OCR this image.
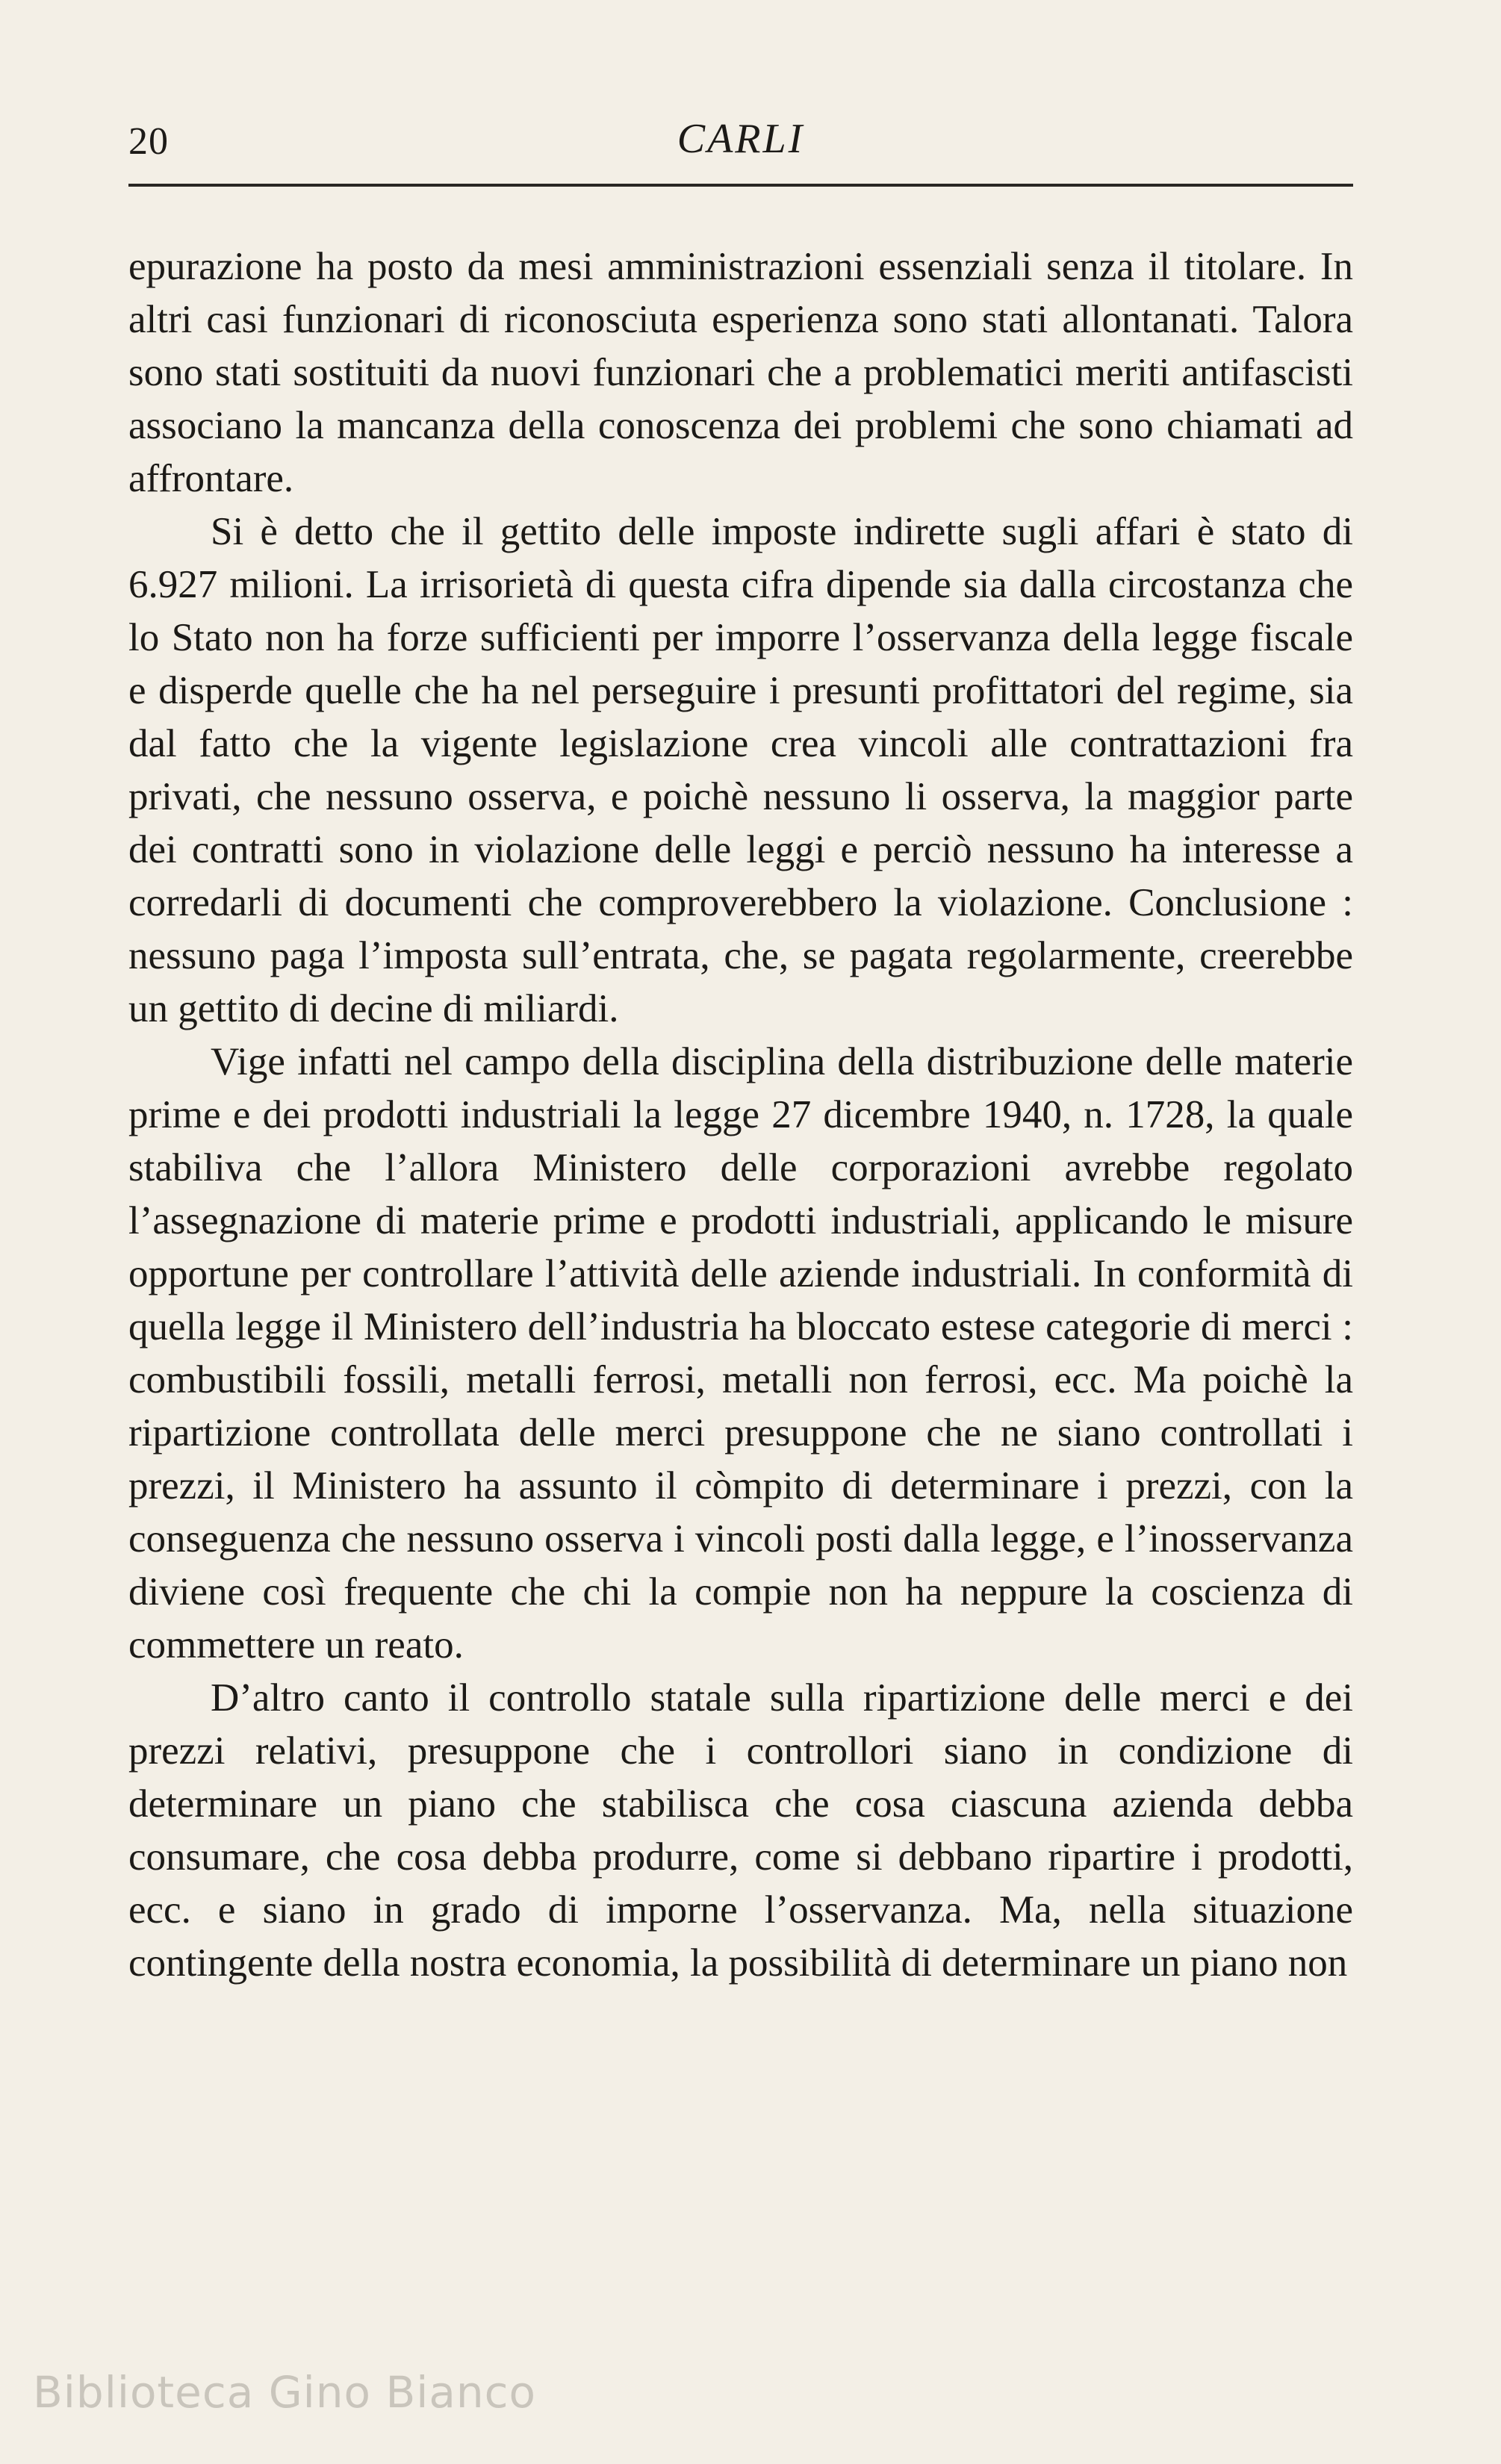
20	CARLI

epurazione ha posto da mesi amministrazioni essenziali senza il titolare. In altri casi funzionari di riconosciuta esperienza sono stati allontanati. Talora sono stati sostituiti da nuovi funzionari che a problematici meriti antifascisti associano la mancanza della conoscenza dei problemi che sono chiamati ad affrontare.

Si è detto che il gettito delle imposte indirette sugli affari è stato di 6.927 milioni. La irrisorietà di questa cifra dipende sia dalla circostanza che lo Stato non ha forze sufficienti per imporre l’osservanza della legge fiscale e disperde quelle che ha nel perseguire i presunti profittatori del regime, sia dal fatto che la vigente legislazione crea vincoli alle contrattazioni fra privati, che nessuno osserva, e poichè nessuno li osserva, la maggior parte dei contratti sono in violazione delle leggi e perciò nessuno ha interesse a corredarli di documenti che comproverebbero la violazione. Conclusione : nessuno paga l’imposta sull’entrata, che, se pagata regolarmente, creerebbe un gettito di decine di miliardi.

Vige infatti nel campo della disciplina della distribuzione delle materie prime e dei prodotti industriali la legge 27 dicembre 1940, n. 1728, la quale stabiliva che l’allora Ministero delle corporazioni avrebbe regolato l’assegnazione di materie prime e prodotti industriali, applicando le misure opportune per controllare l’attività delle aziende industriali. In conformità di quella legge il Ministero dell’industria ha bloccato estese categorie di merci : combustibili fossili, metalli ferrosi, metalli non ferrosi, ecc. Ma poichè la ripartizione controllata delle merci presuppone che ne siano controllati i prezzi, il Ministero ha assunto il còmpito di determinare i prezzi, con la conseguenza che nessuno osserva i vincoli posti dalla legge, e l’inosservanza diviene così frequente che chi la compie non ha neppure la coscienza di commettere un reato.

D’altro canto il controllo statale sulla ripartizione delle merci e dei prezzi relativi, presuppone che i controllori siano in condizione di determinare un piano che stabilisca che cosa ciascuna azienda debba consumare, che cosa debba produrre, come si debbano ripartire i prodotti, ecc. e siano in grado di imporne l’osservanza. Ma, nella situazione contingente della nostra economia, la possibilità di determinare un piano non

Biblioteca Gino Bianco
